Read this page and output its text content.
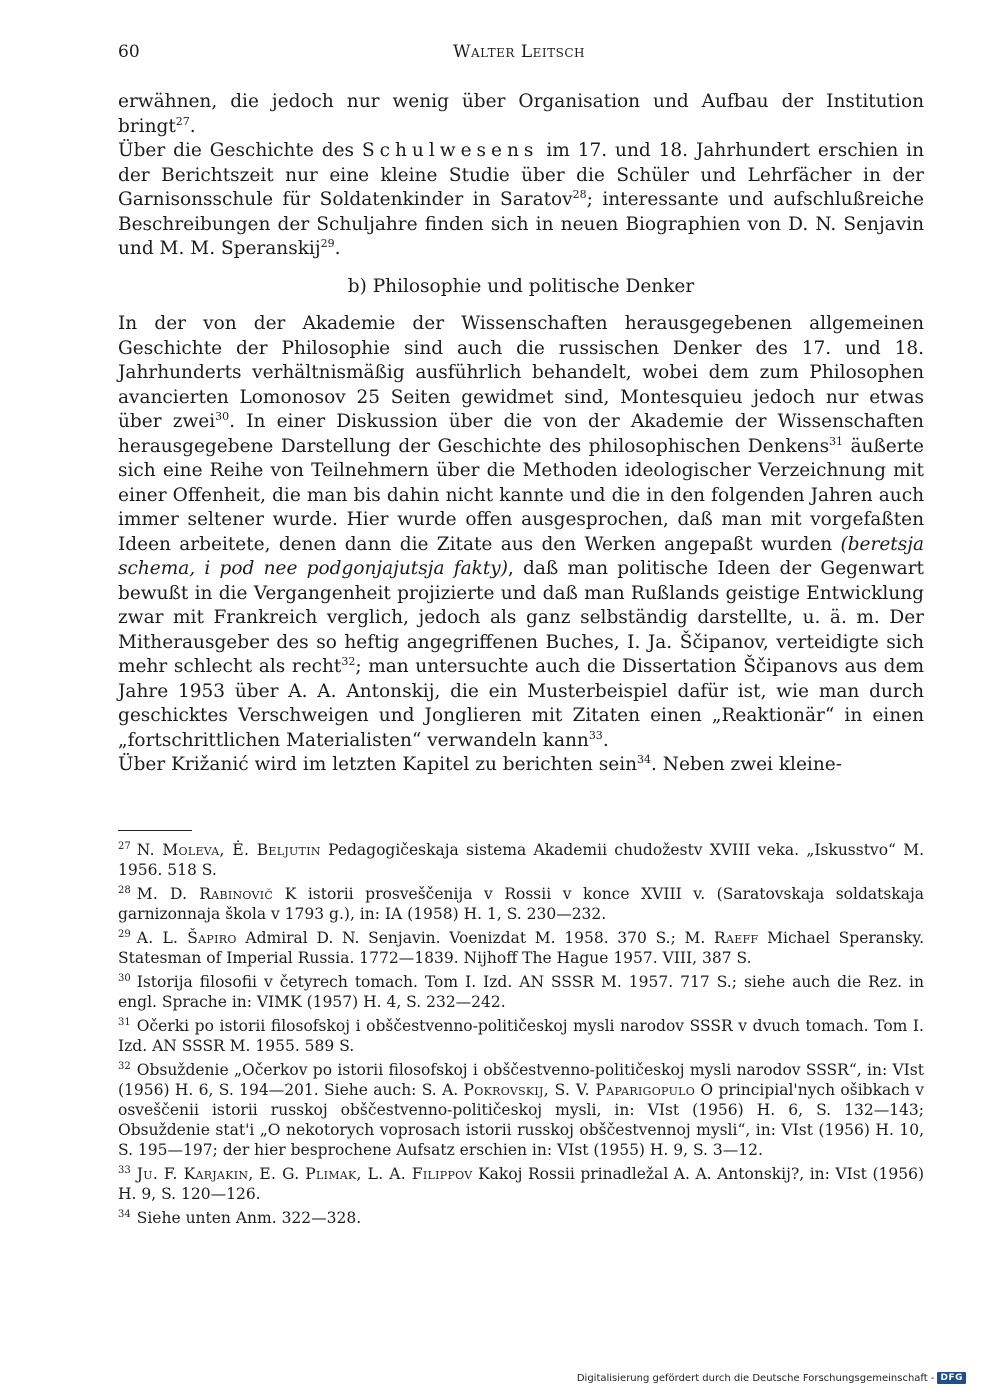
60	Walter Leitsch

erwähnen, die jedoch nur wenig über Organisation und Aufbau der Institution bringt$^{27}$.

Über die Geschichte des Schulwesens im 17. und 18. Jahrhundert erschien in der Berichtszeit nur eine kleine Studie über die Schüler und Lehrfächer in der Garnisonsschule für Soldatenkinder in Saratov$^{28}$; interessante und aufschlußreiche Beschreibungen der Schuljahre finden sich in neuen Biographien von D. N. Senjavin und M. M. Speranskij$^{29}$.

b) Philosophie und politische Denker

In der von der Akademie der Wissenschaften herausgegebenen allgemeinen Geschichte der Philosophie sind auch die russischen Denker des 17. und 18. Jahrhunderts verhältnismäßig ausführlich behandelt, wobei dem zum Philosophen avancierten Lomonosov 25 Seiten gewidmet sind, Montesquieu jedoch nur etwas über zwei$^{30}$. In einer Diskussion über die von der Akademie der Wissenschaften herausgegebene Darstellung der Geschichte des philosophischen Denkens$^{31}$ äußerte sich eine Reihe von Teilnehmern über die Methoden ideologischer Verzeichnung mit einer Offenheit, die man bis dahin nicht kannte und die in den folgenden Jahren auch immer seltener wurde. Hier wurde offen ausgesprochen, daß man mit vorgefaßten Ideen arbeitete, denen dann die Zitate aus den Werken angepaßt wurden (beretsja schema, i pod nee podgonjajutsja fakty), daß man politische Ideen der Gegenwart bewußt in die Vergangenheit projizierte und daß man Rußlands geistige Entwicklung zwar mit Frankreich verglich, jedoch als ganz selbständig darstellte, u. ä. m. Der Mitherausgeber des so heftig angegriffenen Buches, I. Ja. Ščipanov, verteidigte sich mehr schlecht als recht$^{32}$; man untersuchte auch die Dissertation Ščipanovs aus dem Jahre 1953 über A. A. Antonskij, die ein Musterbeispiel dafür ist, wie man durch geschicktes Verschweigen und Jonglieren mit Zitaten einen „Reaktionär“ in einen „fortschrittlichen Materialisten“ verwandeln kann$^{33}$.

Über Križanić wird im letzten Kapitel zu berichten sein$^{34}$. Neben zwei kleine-

$^{27}$ N. Moleva, Ė. Beljutin Pedagogičeskaja sistema Akademii chudožestv XVIII veka. „Iskusstvo“ M. 1956. 518 S.

$^{28}$ M. D. Rabinovič K istorii prosveščenija v Rossii v konce XVIII v. (Saratovskaja soldatskaja garnizonnaja škola v 1793 g.), in: IA (1958) H. 1, S. 230—232.

$^{29}$ A. L. Šapiro Admiral D. N. Senjavin. Voenizdat M. 1958. 370 S.; M. Raeff Michael Speransky. Statesman of Imperial Russia. 1772—1839. Nijhoff The Hague 1957. VIII, 387 S.

$^{30}$ Istorija filosofii v četyrech tomach. Tom I. Izd. AN SSSR M. 1957. 717 S.; siehe auch die Rez. in engl. Sprache in: VIMK (1957) H. 4, S. 232—242.

$^{31}$ Očerki po istorii filosofskoj i obščestvenno-političeskoj mysli narodov SSSR v dvuch tomach. Tom I. Izd. AN SSSR M. 1955. 589 S.

$^{32}$ Obsuždenie „Očerkov po istorii filosofskoj i obščestvenno-političeskoj mysli narodov SSSR“, in: VIst (1956) H. 6, S. 194—201. Siehe auch: S. A. Pokrovskij, S. V. Paparigopulo O principial'nych ošibkach v osveščenii istorii russkoj obščestvenno-političeskoj mysli, in: VIst (1956) H. 6, S. 132—143; Obsuždenie stat'i „O nekotorych voprosach istorii russkoj obščestvennoj mysli“, in: VIst (1956) H. 10, S. 195—197; der hier besprochene Aufsatz erschien in: VIst (1955) H. 9, S. 3—12.

$^{33}$ Ju. F. Karjakin, E. G. Plimak, L. A. Filippov Kakoj Rossii prinadležal A. A. Antonskij?, in: VIst (1956) H. 9, S. 120—126.

$^{34}$ Siehe unten Anm. 322—328.

Digitalisierung gefördert durch die Deutsche Forschungsgemeinschaft - DFG
